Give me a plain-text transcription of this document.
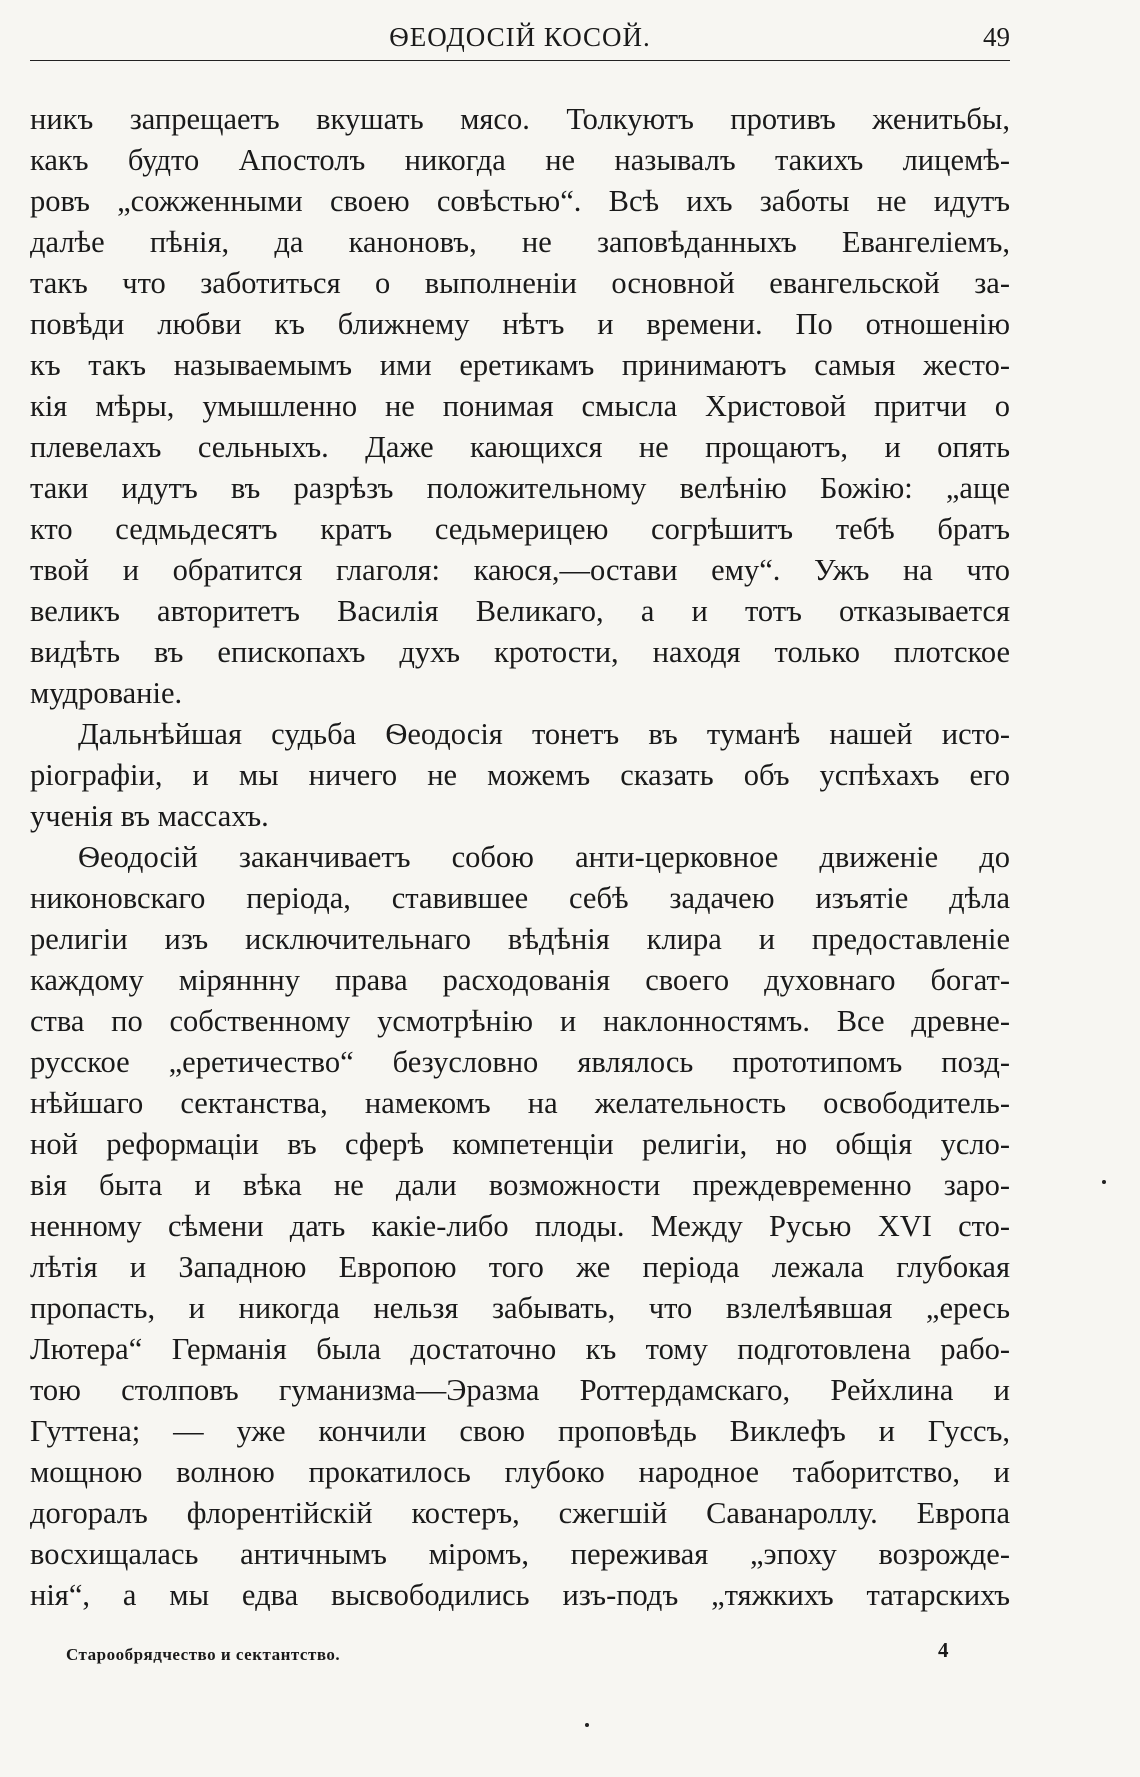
ѲЕОДОСІЙ КОСОЙ.	49
никъ запрещаетъ вкушать мясо. Толкуютъ противъ женитьбы,
какъ будто Апостолъ никогда не называлъ такихъ лицемѣ-
ровъ „сожженными своею совѣстью“. Всѣ ихъ заботы не идутъ
далѣе пѣнія, да каноновъ, не заповѣданныхъ Евангеліемъ,
такъ что заботиться о выполненіи основной евангельской за-
повѣди любви къ ближнему нѣтъ и времени. По отношенію
къ такъ называемымъ ими еретикамъ принимаютъ самыя жесто-
кія мѣры, умышленно не понимая смысла Христовой притчи о
плевелахъ сельныхъ. Даже кающихся не прощаютъ, и опять
таки идутъ въ разрѣзъ положительному велѣнію Божію: „аще
кто седмьдесятъ кратъ седьмерицею согрѣшитъ тебѣ братъ
твой и обратится глаголя: каюся,—остави ему“. Ужъ на что
великъ авторитетъ Василія Великаго, а и тотъ отказывается
видѣть въ епископахъ духъ кротости, находя только плотское
мудрованіе.
Дальнѣйшая судьба Ѳеодосія тонетъ въ туманѣ нашей исто-
ріографіи, и мы ничего не можемъ сказать объ успѣхахъ его
ученія въ массахъ.
Ѳеодосій заканчиваетъ собою анти-церковное движеніе до
никоновскаго періода, ставившее себѣ задачею изъятіе дѣла
религіи изъ исключительнаго вѣдѣнія клира и предоставленіе
каждому міряннну права расходованія своего духовнаго богат-
ства по собственному усмотрѣнію и наклонностямъ. Все древне-
русское „еретичество“ безусловно являлось прототипомъ позд-
нѣйшаго сектанства, намекомъ на желательность освободитель-
ной реформаціи въ сферѣ компетенціи религіи, но общія усло-
вія быта и вѣка не дали возможности преждевременно зaро-
ненному сѣмени дать какіе-либо плоды. Между Русью XVI сто-
лѣтія и Западною Европою того же періода лежала глубокая
пропасть, и никогда нельзя забывать, что взлелѣявшая „ересь
Лютера“ Германія была достаточно къ тому подготовлена рабо-
тою столповъ гуманизма—Эразма Роттердамскаго, Рейхлина и
Гуттена; — уже кончили свою проповѣдь Виклефъ и Гуссъ,
мощною волною прокатилось глубоко народное таборитство, и
догоралъ флорентійскій костеръ, сжегшій Саванароллу. Европа
восхищалась античнымъ міромъ, переживая „эпоху возрожде-
нія“, а мы едва высвободились изъ-подъ „тяжкихъ татарскихъ
Старообрядчество и сектантство.	4
